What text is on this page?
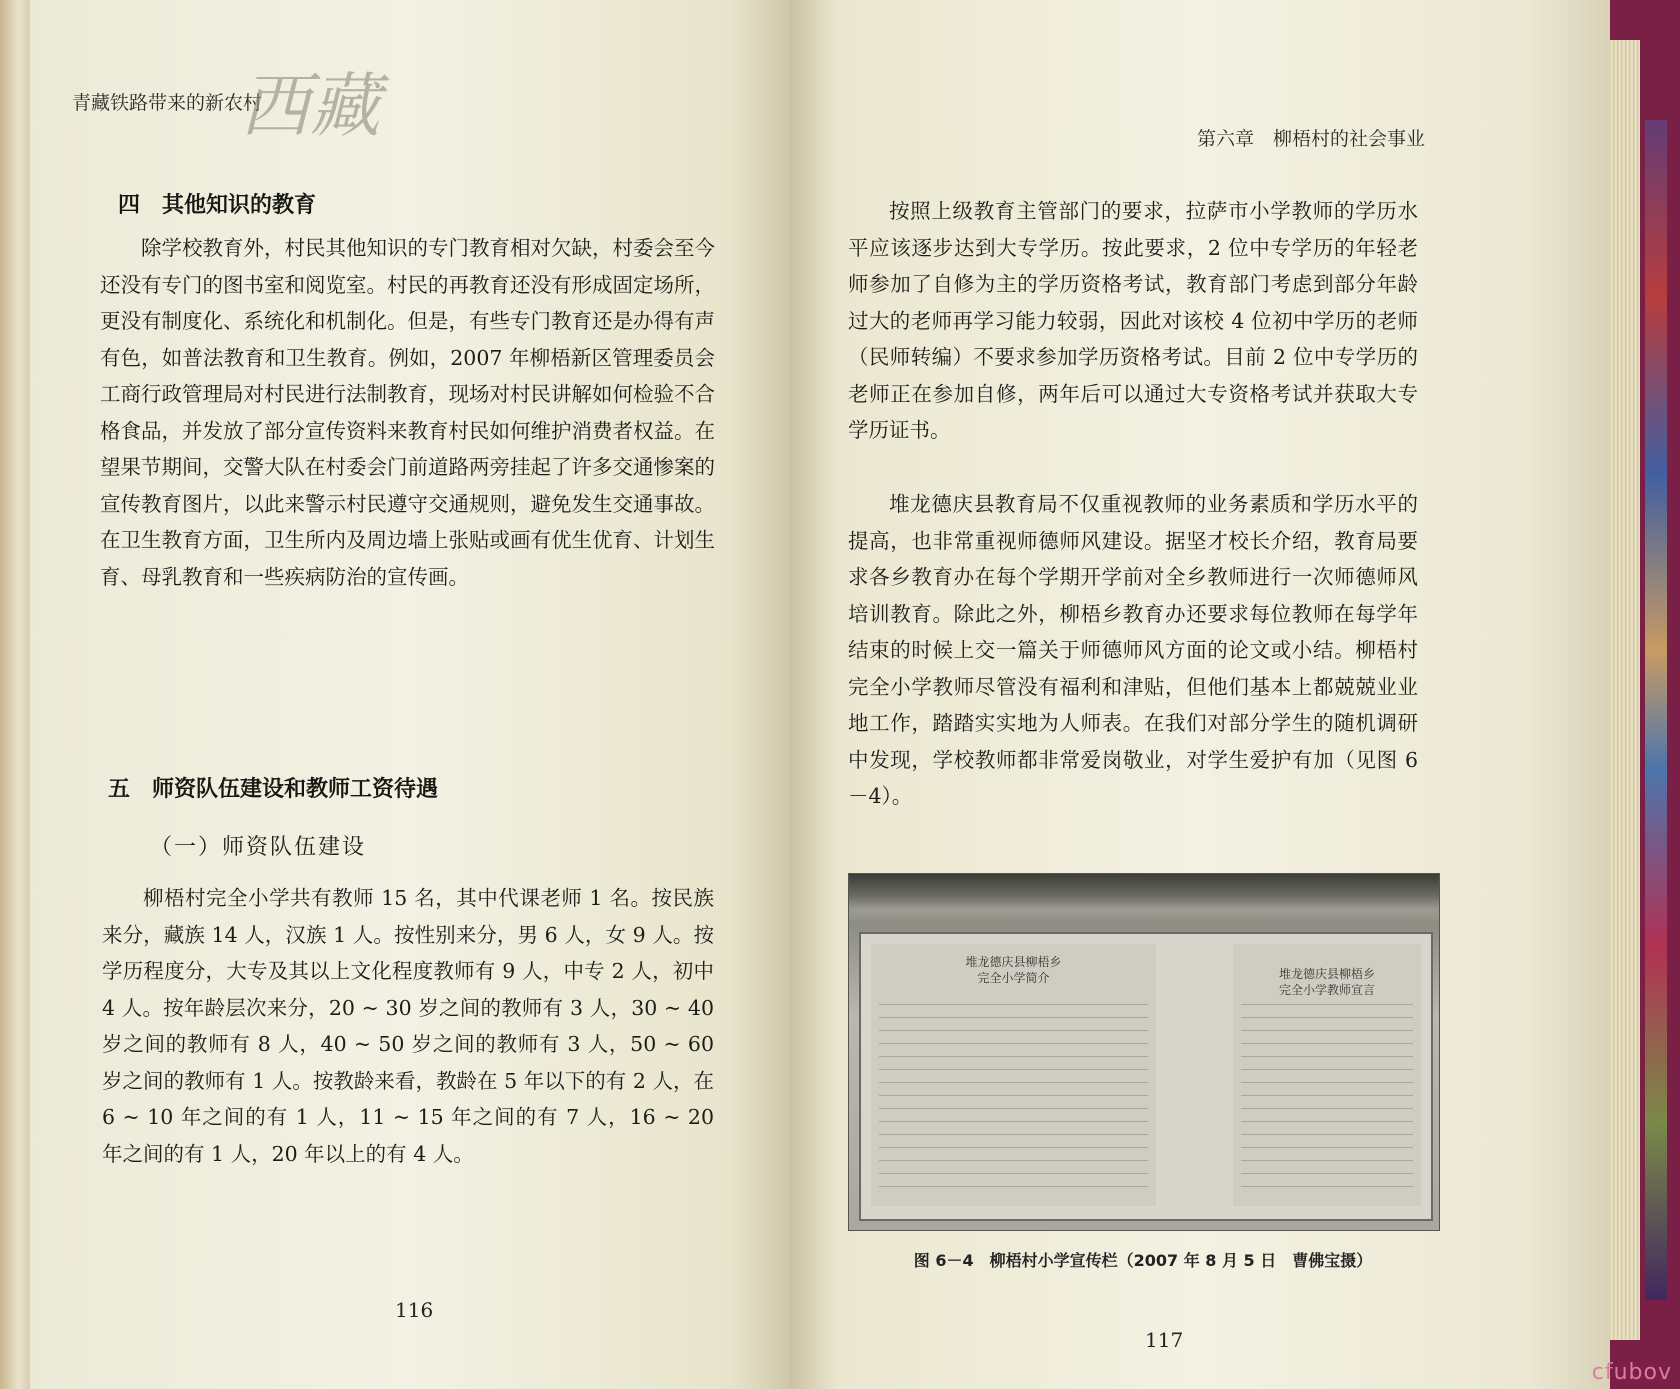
青藏铁路带来的新农村
西藏
四　其他知识的教育

除学校教育外，村民其他知识的专门教育相对欠缺，村委会至今还没有专门的图书室和阅览室。村民的再教育还没有形成固定场所，更没有制度化、系统化和机制化。但是，有些专门教育还是办得有声有色，如普法教育和卫生教育。例如，2007 年柳梧新区管理委员会工商行政管理局对村民进行法制教育，现场对村民讲解如何检验不合格食品，并发放了部分宣传资料来教育村民如何维护消费者权益。在望果节期间，交警大队在村委会门前道路两旁挂起了许多交通惨案的宣传教育图片，以此来警示村民遵守交通规则，避免发生交通事故。在卫生教育方面，卫生所内及周边墙上张贴或画有优生优育、计划生育、母乳教育和一些疾病防治的宣传画。

五　师资队伍建设和教师工资待遇
（一）师资队伍建设

柳梧村完全小学共有教师 15 名，其中代课老师 1 名。按民族来分，藏族 14 人，汉族 1 人。按性别来分，男 6 人，女 9 人。按学历程度分，大专及其以上文化程度教师有 9 人，中专 2 人，初中 4 人。按年龄层次来分，20 ~ 30 岁之间的教师有 3 人，30 ~ 40 岁之间的教师有 8 人，40 ~ 50 岁之间的教师有 3 人，50 ~ 60 岁之间的教师有 1 人。按教龄来看，教龄在 5 年以下的有 2 人，在 6 ~ 10 年之间的有 1 人，11 ~ 15 年之间的有 7 人，16 ~ 20 年之间的有 1 人，20 年以上的有 4 人。

116
第六章　柳梧村的社会事业

按照上级教育主管部门的要求，拉萨市小学教师的学历水平应该逐步达到大专学历。按此要求，2 位中专学历的年轻老师参加了自修为主的学历资格考试，教育部门考虑到部分年龄过大的老师再学习能力较弱，因此对该校 4 位初中学历的老师（民师转编）不要求参加学历资格考试。目前 2 位中专学历的老师正在参加自修，两年后可以通过大专资格考试并获取大专学历证书。

堆龙德庆县教育局不仅重视教师的业务素质和学历水平的提高，也非常重视师德师风建设。据坚才校长介绍，教育局要求各乡教育办在每个学期开学前对全乡教师进行一次师德师风培训教育。除此之外，柳梧乡教育办还要求每位教师在每学年结束的时候上交一篇关于师德师风方面的论文或小结。柳梧村完全小学教师尽管没有福利和津贴，但他们基本上都兢兢业业地工作，踏踏实实地为人师表。在我们对部分学生的随机调研中发现，学校教师都非常爱岗敬业，对学生爱护有加（见图 6－4）。

堆龙德庆县柳梧乡
完全小学简介	堆龙德庆县柳梧乡
完全小学教师宣言
图 6－4　柳梧村小学宣传栏（2007 年 8 月 5 日　曹佛宝摄）
117
cfubov
